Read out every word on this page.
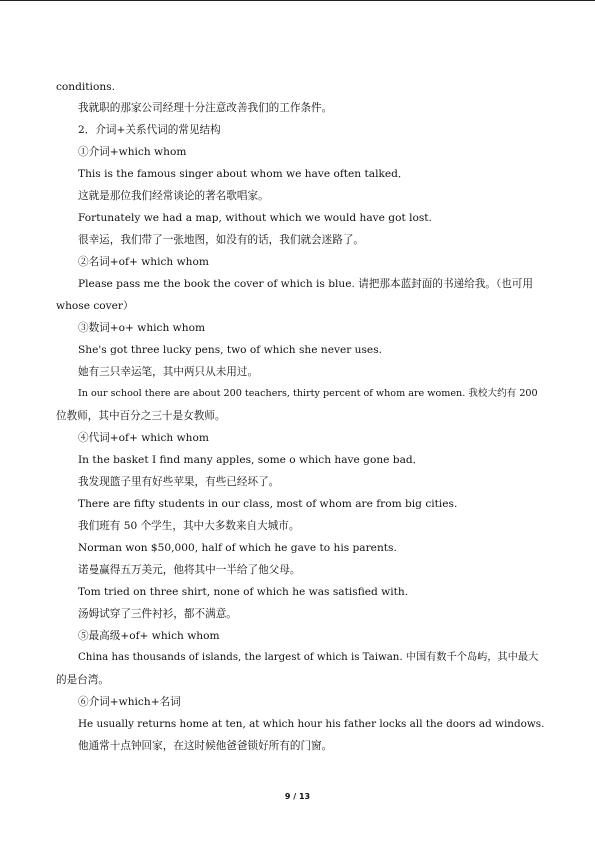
conditions.
我就职的那家公司经理十分注意改善我们的工作条件。
2．介词+关系代词的常见结构
①介词+which whom
This is the famous singer about whom we have often talked．
这就是那位我们经常谈论的著名歌唱家。
Fortunately we had a map, without which we would have got lost.
很幸运，我们带了一张地图，如没有的话，我们就会迷路了。
②名词+of+ which whom
Please pass me the book the cover of which is blue. 请把那本蓝封面的书递给我。（也可用
whose cover）
③数词+o+ which whom
She's got three lucky pens, two of which she never uses.
她有三只幸运笔，其中两只从未用过。
In our school there are about 200 teachers, thirty percent of whom are women. 我校大约有 200
位教师，其中百分之三十是女教师。
④代词+of+ which whom
In the basket I find many apples, some o which have gone bad．
我发现篮子里有好些苹果，有些已经坏了。
There are fifty students in our class, most of whom are from big cities.
我们班有 50 个学生，其中大多数来自大城市。
Norman won $50,000, half of which he gave to his parents.
诺曼赢得五万美元，他将其中一半给了他父母。
Tom tried on three shirt, none of which he was satisfied with.
汤姆试穿了三件衬衫，都不满意。
⑤最高级+of+ which whom
China has thousands of islands, the largest of which is Taiwan. 中国有数千个岛屿，其中最大
的是台湾。
⑥介词+which+名词
He usually returns home at ten, at which hour his father locks all the doors ad windows.
他通常十点钟回家，在这时候他爸爸锁好所有的门窗。
9 / 13
